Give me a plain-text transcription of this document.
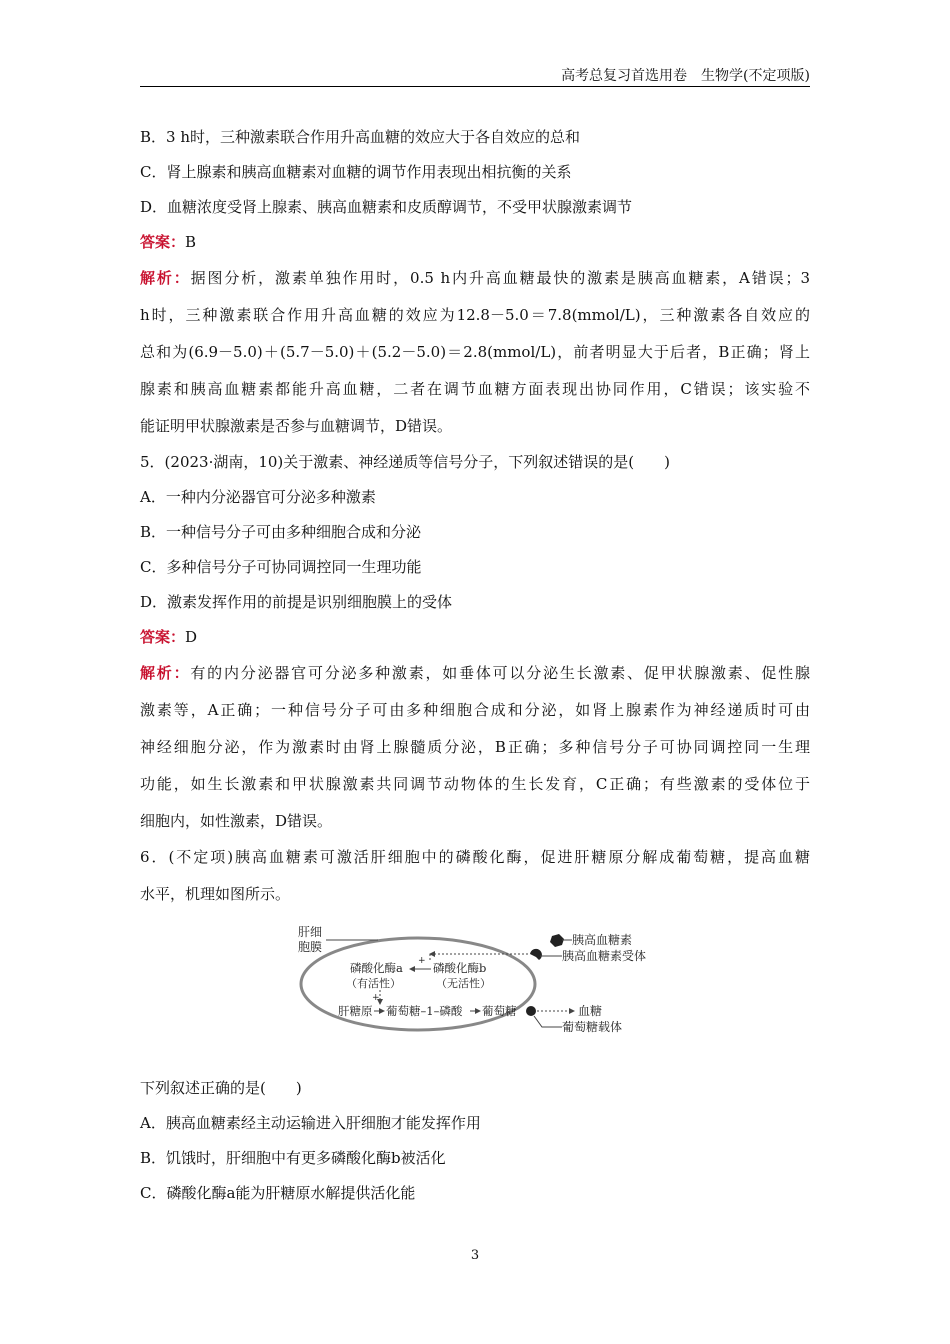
高考总复习首选用卷　生物学(不定项版)
B．3 h时，三种激素联合作用升高血糖的效应大于各自效应的总和
C．肾上腺素和胰高血糖素对血糖的调节作用表现出相抗衡的关系
D．血糖浓度受肾上腺素、胰高血糖素和皮质醇调节，不受甲状腺激素调节
答案：B
解析：据图分析，激素单独作用时，0.5 h内升高血糖最快的激素是胰高血糖素，A错误；3
h时，三种激素联合作用升高血糖的效应为12.8－5.0＝7.8(mmol/L)，三种激素各自效应的
总和为(6.9－5.0)＋(5.7－5.0)＋(5.2－5.0)＝2.8(mmol/L)，前者明显大于后者，B正确；肾上
腺素和胰高血糖素都能升高血糖，二者在调节血糖方面表现出协同作用，C错误；该实验不
能证明甲状腺激素是否参与血糖调节，D错误。
5．(2023·湖南，10)关于激素、神经递质等信号分子，下列叙述错误的是(　　)
A．一种内分泌器官可分泌多种激素
B．一种信号分子可由多种细胞合成和分泌
C．多种信号分子可协同调控同一生理功能
D．激素发挥作用的前提是识别细胞膜上的受体
答案：D
解析：有的内分泌器官可分泌多种激素，如垂体可以分泌生长激素、促甲状腺激素、促性腺
激素等，A正确；一种信号分子可由多种细胞合成和分泌，如肾上腺素作为神经递质时可由
神经细胞分泌，作为激素时由肾上腺髓质分泌，B正确；多种信号分子可协同调控同一生理
功能，如生长激素和甲状腺激素共同调节动物体的生长发育，C正确；有些激素的受体位于
细胞内，如性激素，D错误。
6．(不定项)胰高血糖素可激活肝细胞中的磷酸化酶，促进肝糖原分解成葡萄糖，提高血糖
水平，机理如图所示。
肝细
胞膜	胰高血糖素
胰高血糖素受体
磷酸化酶a
（有活性）
磷酸化酶b
（无活性）
+
+
肝糖原 葡萄糖–1–磷酸 葡萄糖	血糖
葡萄糖载体
下列叙述正确的是(　　)
A．胰高血糖素经主动运输进入肝细胞才能发挥作用
B．饥饿时，肝细胞中有更多磷酸化酶b被活化
C．磷酸化酶a能为肝糖原水解提供活化能
3
